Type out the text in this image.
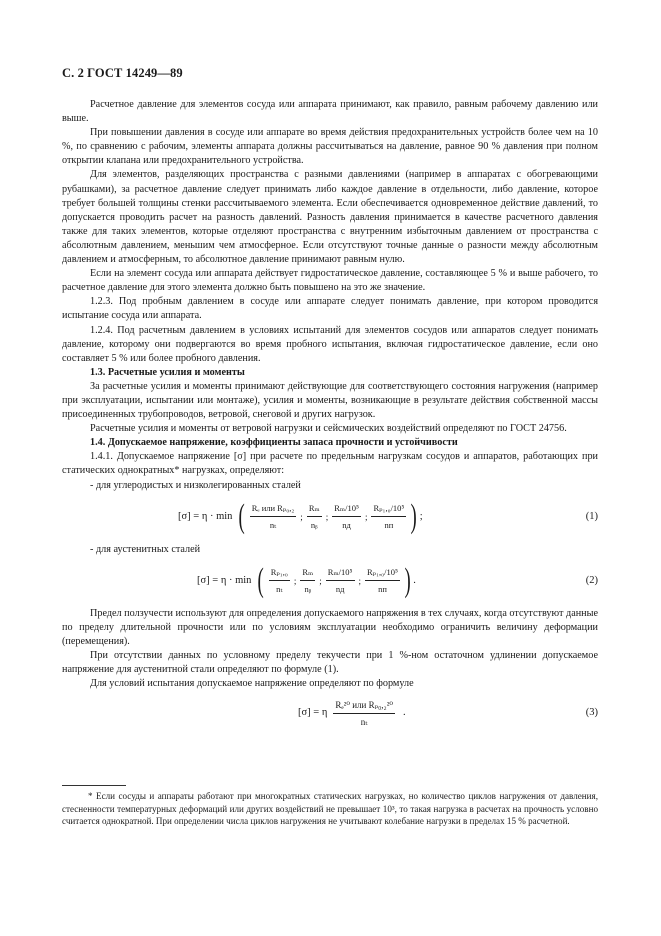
С. 2 ГОСТ 14249—89

Расчетное давление для элементов сосуда или аппарата принимают, как правило, равным рабочему давлению или выше.

При повышении давления в сосуде или аппарате во время действия предохранительных устройств более чем на 10 %, по сравнению с рабочим, элементы аппарата должны рассчитываться на давление, равное 90 % давления при полном открытии клапана или предохранительного устройства.

Для элементов, разделяющих пространства с разными давлениями (например в аппаратах с обогревающими рубашками), за расчетное давление следует принимать либо каждое давление в отдельности, либо давление, которое требует большей толщины стенки рассчитываемого элемента. Если обеспечивается одновременное действие давлений, то допускается проводить расчет на разность давлений. Разность давления принимается в качестве расчетного давления также для таких элементов, которые отделяют пространства с внутренним избыточным давлением от пространства с абсолютным давлением, меньшим чем атмосферное. Если отсутствуют точные данные о разности между абсолютным давлением и атмосферным, то абсолютное давление принимают равным нулю.

Если на элемент сосуда или аппарата действует гидростатическое давление, составляющее 5 % и выше рабочего, то расчетное давление для этого элемента должно быть повышено на это же значение.

1.2.3. Под пробным давлением в сосуде или аппарате следует понимать давление, при котором проводится испытание сосуда или аппарата.

1.2.4. Под расчетным давлением в условиях испытаний для элементов сосудов или аппаратов следует понимать давление, которому они подвергаются во время пробного испытания, включая гидростатическое давление, если оно составляет 5 % или более пробного давления.

1.3. Расчетные усилия и моменты

За расчетные усилия и моменты принимают действующие для соответствующего состояния нагружения (например при эксплуатации, испытании или монтаже), усилия и моменты, возникающие в результате действия собственной массы присоединенных трубопроводов, ветровой, снеговой и других нагрузок.

Расчетные усилия и моменты от ветровой нагрузки и сейсмических воздействий определяют по ГОСТ 24756.

1.4. Допускаемое напряжение, коэффициенты запаса прочности и устойчивости

1.4.1. Допускаемое напряжение [σ] при расчете по предельным нагрузкам сосудов и аппаратов, работающих при статических однократных* нагрузках, определяют:

- для углеродистых и низколегированных сталей

[σ] = η · min ( $\frac{\text{Rₑ или Rₚ₀,₂}}{\text{nₜ}}$ ; $\frac{\text{Rₘ}}{\text{nᵦ}}$ ; $\frac{\text{Rₘ/10⁵}}{nд}$ ; $\frac{\text{Rₚ₁,₀/10⁵}}{nп}$ ) ;	(1)

- для аустенитных сталей

[σ] = η · min ( $\frac{\text{Rₚ₁,₀}}{\text{nₜ}}$ ; $\frac{\text{Rₘ}}{\text{nᵦ}}$ ; $\frac{\text{Rₘ/10⁵}}{nд}$ ; $\frac{\text{Rₚ₁,₀/10⁵}}{nп}$ ) .	(2)

Предел ползучести используют для определения допускаемого напряжения в тех случаях, когда отсутствуют данные по пределу длительной прочности или по условиям эксплуатации необходимо ограничить величину деформации (перемещения).

При отсутствии данных по условному пределу текучести при 1 %-ном остаточном удлинении допускаемое напряжение для аустенитной стали определяют по формуле (1).

Для условий испытания допускаемое напряжение определяют по формуле

[σ] = η $\frac{\text{Rₑ²⁰ или Rₚ₀,₂²⁰}}{\text{nₜ}}$ .	(3)
* Если сосуды и аппараты работают при многократных статических нагрузках, но количество циклов нагружения от давления, стесненности температурных деформаций или других воздействий не превышает 10³, то такая нагрузка в расчетах на прочность условно считается однократной. При определении числа циклов нагружения не учитывают колебание нагрузки в пределах 15 % расчетной.
